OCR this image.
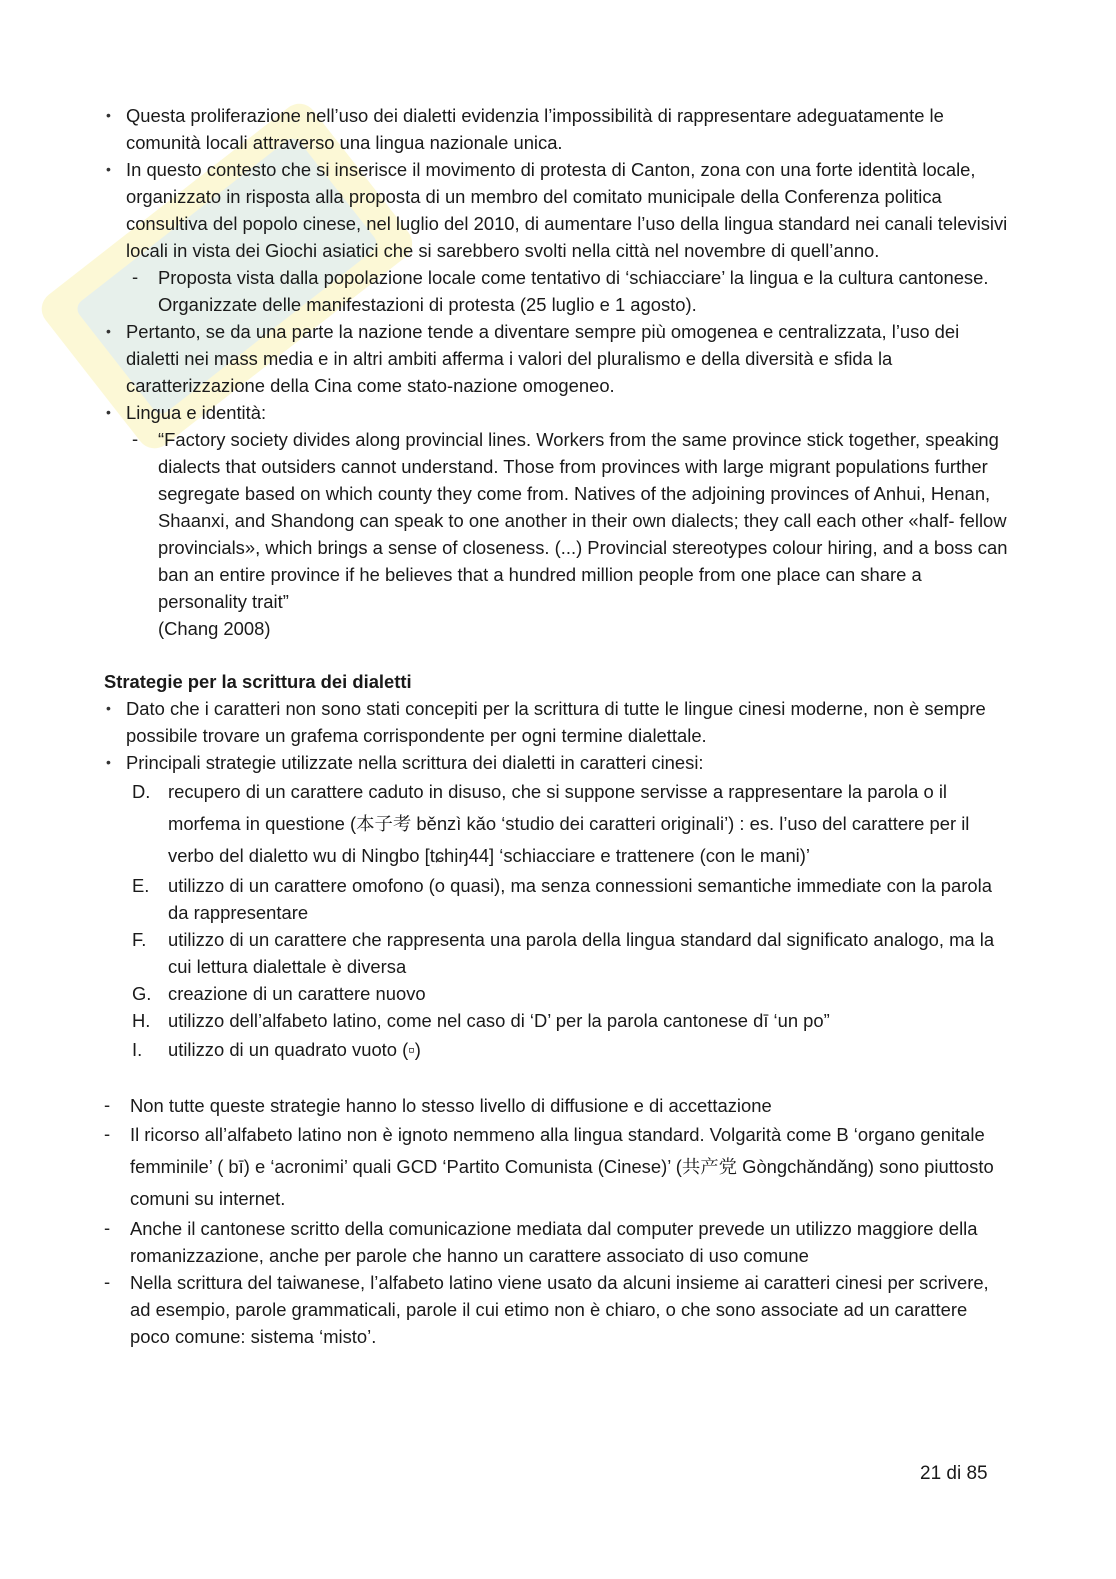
• Questa proliferazione nell’uso dei dialetti evidenzia l’impossibilità di rappresentare adeguatamente le comunità locali attraverso una lingua nazionale unica.
• In questo contesto che si inserisce il movimento di protesta di Canton, zona con una forte identità locale, organizzato in risposta alla proposta di un membro del comitato municipale della Conferenza politica consultiva del popolo cinese, nel luglio del 2010, di aumentare l’uso della lingua standard nei canali televisivi locali in vista dei Giochi asiatici che si sarebbero svolti nella città nel novembre di quell’anno.
- Proposta vista dalla popolazione locale come tentativo di ‘schiacciare’ la lingua e la cultura cantonese. Organizzate delle manifestazioni di protesta (25 luglio e 1 agosto).
• Pertanto, se da una parte la nazione tende a diventare sempre più omogenea e centralizzata, l’uso dei dialetti nei mass media e in altri ambiti afferma i valori del pluralismo e della diversità e sfida la caratterizzazione della Cina come stato-nazione omogeneo.
• Lingua e identità:
- “Factory society divides along provincial lines. Workers from the same province stick together, speaking dialects that outsiders cannot understand. Those from provinces with large migrant populations further segregate based on which county they come from. Natives of the adjoining provinces of Anhui, Henan, Shaanxi, and Shandong can speak to one another in their own dialects; they call each other «half- fellow provincials», which brings a sense of closeness. (...) Provincial stereotypes colour hiring, and a boss can ban an entire province if he believes that a hundred million people from one place can share a personality trait”
(Chang 2008)
Strategie per la scrittura dei dialetti
• Dato che i caratteri non sono stati concepiti per la scrittura di tutte le lingue cinesi moderne, non è sempre possibile trovare un grafema corrispondente per ogni termine dialettale.
• Principali strategie utilizzate nella scrittura dei dialetti in caratteri cinesi:
D. recupero di un carattere caduto in disuso, che si suppone servisse a rappresentare la parola o il morfema in questione (本子考 běnzì kǎo ‘studio dei caratteri originali’) : es. l’uso del carattere per il verbo del dialetto wu di Ningbo [tɕhiŋ44] ‘schiacciare e trattenere (con le mani)’
E. utilizzo di un carattere omofono (o quasi), ma senza connessioni semantiche immediate con la parola da rappresentare
F. utilizzo di un carattere che rappresenta una parola della lingua standard dal significato analogo, ma la cui lettura dialettale è diversa
G. creazione di un carattere nuovo
H. utilizzo dell’alfabeto latino, come nel caso di ‘D’ per la parola cantonese dī ‘un po”
I. utilizzo di un quadrato vuoto (▫)
- Non tutte queste strategie hanno lo stesso livello di diffusione e di accettazione
- Il ricorso all’alfabeto latino non è ignoto nemmeno alla lingua standard. Volgarità come B ‘organo genitale femminile’ ( bī) e ‘acronimi’ quali GCD ‘Partito Comunista (Cinese)’ (共产党 Gòngchǎndǎng) sono piuttosto comuni su internet.
- Anche il cantonese scritto della comunicazione mediata dal computer prevede un utilizzo maggiore della romanizzazione, anche per parole che hanno un carattere associato di uso comune
- Nella scrittura del taiwanese, l’alfabeto latino viene usato da alcuni insieme ai caratteri cinesi per scrivere, ad esempio, parole grammaticali, parole il cui etimo non è chiaro, o che sono associate ad un carattere poco comune: sistema ‘misto’.
21 di 85
